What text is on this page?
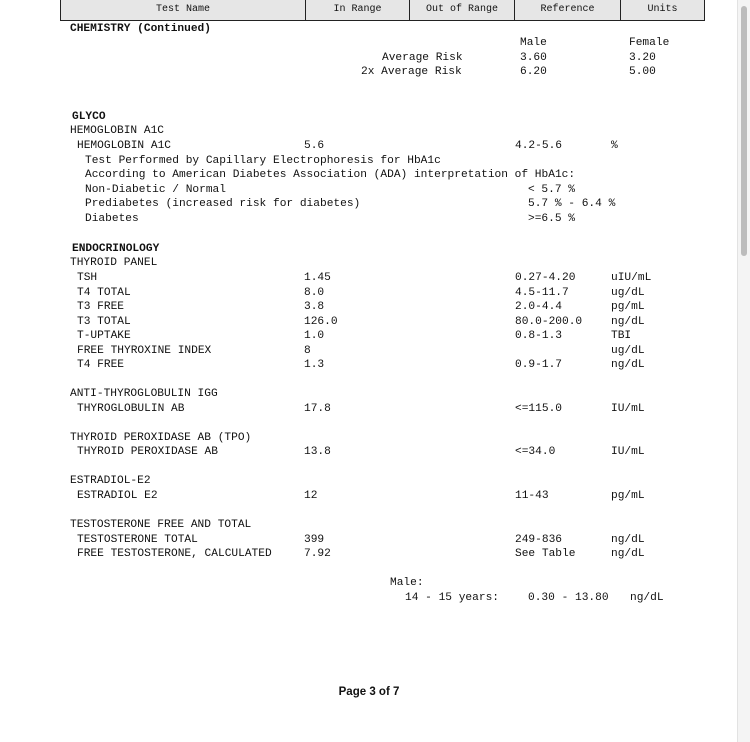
Test Name	In Range	Out of Range	Reference	Units
CHEMISTRY (Continued)
Male	Female
Average Risk	3.60	3.20
2x Average Risk	6.20	5.00
GLYCO
HEMOGLOBIN A1C
HEMOGLOBIN A1C	5.6	4.2-5.6	%
Test Performed by Capillary Electrophoresis for HbA1c
According to American Diabetes Association (ADA) interpretation of HbA1c:
Non-Diabetic / Normal	< 5.7 %
Prediabetes (increased risk for diabetes)	5.7 % - 6.4 %
Diabetes	>=6.5 %
ENDOCRINOLOGY
THYROID PANEL
TSH	1.45	0.27-4.20	uIU/mL
T4 TOTAL	8.0	4.5-11.7	ug/dL
T3 FREE	3.8	2.0-4.4	pg/mL
T3 TOTAL	126.0	80.0-200.0	ng/dL
T-UPTAKE	1.0	0.8-1.3	TBI
FREE THYROXINE INDEX	8	ug/dL
T4 FREE	1.3	0.9-1.7	ng/dL
ANTI-THYROGLOBULIN IGG
THYROGLOBULIN AB	17.8	<=115.0	IU/mL
THYROID PEROXIDASE AB (TPO)
THYROID PEROXIDASE AB	13.8	<=34.0	IU/mL
ESTRADIOL-E2
ESTRADIOL E2	12	11-43	pg/mL
TESTOSTERONE FREE AND TOTAL
TESTOSTERONE TOTAL	399	249-836	ng/dL
FREE TESTOSTERONE, CALCULATED	7.92	See Table	ng/dL
Male:
14 - 15 years:	0.30 - 13.80 ng/dL
Page 3 of 7
